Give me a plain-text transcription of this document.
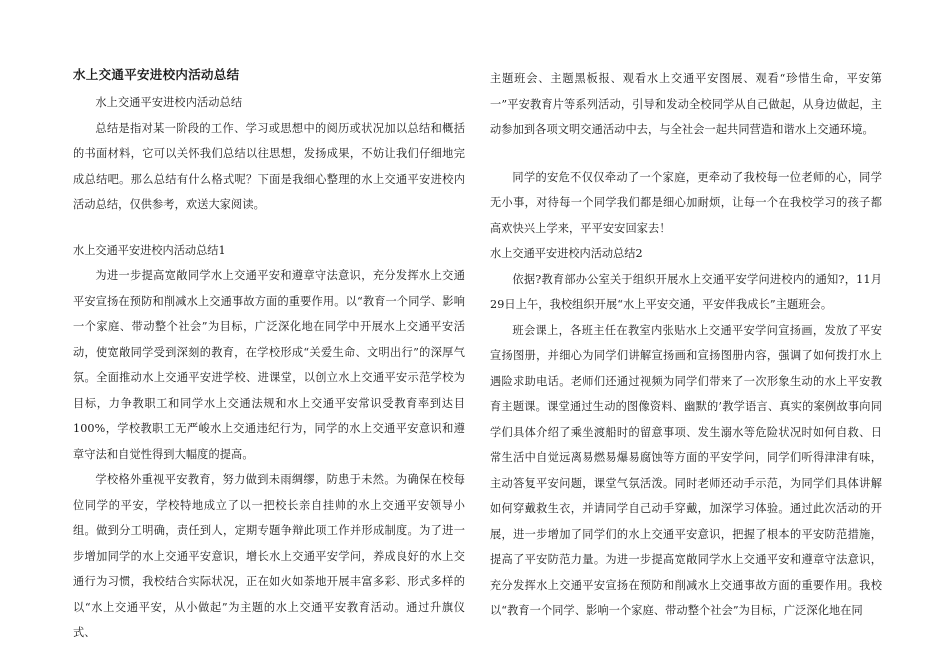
水上交通平安进校内活动总结

水上交通平安进校内活动总结

总结是指对某一阶段的工作、学习或思想中的阅历或状况加以总结和概括的书面材料，它可以关怀我们总结以往思想，发扬成果，不妨让我们仔细地完成总结吧。那么总结有什么格式呢？下面是我细心整理的水上交通平安进校内活动总结，仅供参考，欢送大家阅读。

水上交通平安进校内活动总结1

为进一步提高宽敞同学水上交通平安和遵章守法意识，充分发挥水上交通平安宣扬在预防和削减水上交通事故方面的重要作用。以“教育一个同学、影响一个家庭、带动整个社会”为目标，广泛深化地在同学中开展水上交通平安活动，使宽敞同学受到深刻的教育，在学校形成“关爱生命、文明出行”的深厚气氛。全面推动水上交通平安进学校、进课堂，以创立水上交通平安示范学校为目标，力争教职工和同学水上交通法规和水上交通平安常识受教育率到达目100%，学校教职工无严峻水上交通违纪行为，同学的水上交通平安意识和遵章守法和自觉性得到大幅度的提高。

学校格外重视平安教育，努力做到未雨绸缪，防患于未然。为确保在校每位同学的平安，学校特地成立了以一把校长亲自挂帅的水上交通平安领导小组。做到分工明确，责任到人，定期专题争辩此项工作并形成制度。为了进一步增加同学的水上交通平安意识，增长水上交通平安学问，养成良好的水上交通行为习惯，我校结合实际状况，正在如火如荼地开展丰富多彩、形式多样的以“水上交通平安，从小做起”为主题的水上交通平安教育活动。通过升旗仪式、

主题班会、主题黑板报、观看水上交通平安图展、观看“珍惜生命，平安第一”平安教育片等系列活动，引导和发动全校同学从自己做起，从身边做起，主动参加到各项文明交通活动中去，与全社会一起共同营造和谐水上交通环境。

同学的安危不仅仅牵动了一个家庭，更牵动了我校每一位老师的心，同学无小事，对待每一个同学我们都是细心加耐烦，让每一个在我校学习的孩子都高欢快兴上学来，平平安安回家去！

水上交通平安进校内活动总结2

依据?教育部办公室关于组织开展水上交通平安学问进校内的通知?，11月29日上午，我校组织开展“水上平安交通，平安伴我成长”主题班会。

班会课上，各班主任在教室内张贴水上交通平安学问宣扬画，发放了平安宣扬图册，并细心为同学们讲解宣扬画和宣扬图册内容，强调了如何拨打水上遇险求助电话。老师们还通过视频为同学们带来了一次形象生动的水上平安教育主题课。课堂通过生动的图像资料、幽默的’教学语言、真实的案例故事向同学们具体介绍了乘坐渡船时的留意事项、发生溺水等危险状况时如何自救、日常生活中自觉远离易燃易爆易腐蚀等方面的平安学问，同学们听得津津有味，主动答复平安问题，课堂气氛活泼。同时老师还动手示范，为同学们具体讲解如何穿戴救生衣，并请同学自己动手穿戴，加深学习体验。通过此次活动的开展，进一步增加了同学们的水上交通平安意识，把握了根本的平安防范措施，提高了平安防范力量。为进一步提高宽敞同学水上交通平安和遵章守法意识，充分发挥水上交通平安宣扬在预防和削减水上交通事故方面的重要作用。我校以“教育一个同学、影响一个家庭、带动整个社会”为目标，广泛深化地在同
